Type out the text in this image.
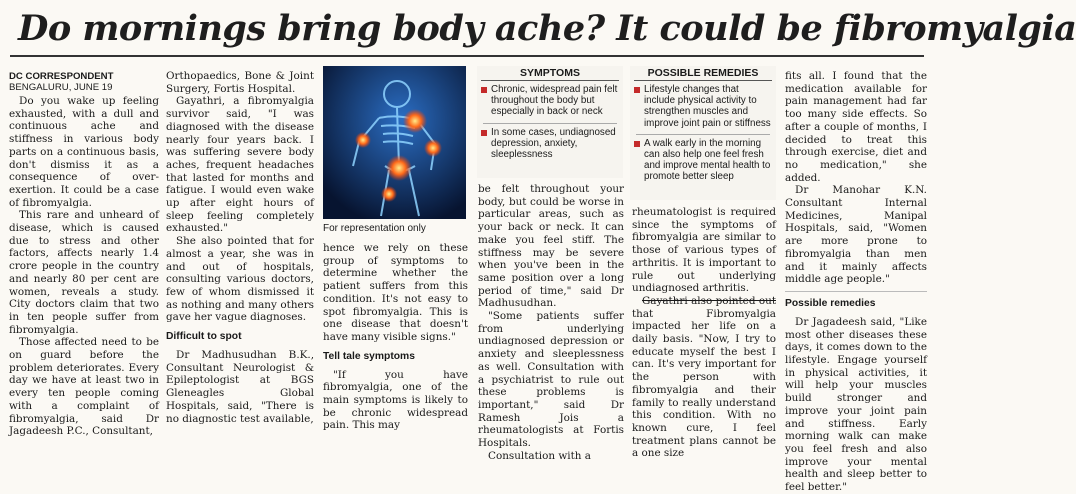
Do mornings bring body ache? It could be fibromyalgia
DC CORRESPONDENT
BENGALURU, JUNE 19

Do you wake up feeling exhausted, with a dull and continuous ache and stiffness in various body parts on a continuous basis, don't dismiss it as a consequence of over-exertion. It could be a case of fibromyalgia.

This rare and unheard of disease, which is caused due to stress and other factors, affects nearly 1.4 crore people in the country and nearly 80 per cent are women, reveals a study. City doctors claim that two in ten people suffer from fibromyalgia.

Those affected need to be on guard before the problem deteriorates. Every day we have at least two in every ten people coming with a complaint of fibromyalgia, said Dr Jagadeesh P.C., Consultant,

Orthopaedics, Bone & Joint Surgery, Fortis Hospital.

Gayathri, a fibromyalgia survivor said, "I was diagnosed with the disease nearly four years back. I was suffering severe body aches, frequent headaches that lasted for months and fatigue. I would even wake up after eight hours of sleep feeling completely exhausted."

She also pointed that for almost a year, she was in and out of hospitals, consulting various doctors, few of whom dismissed it as nothing and many others gave her vague diagnoses.

Difficult to spot

Dr Madhusudhan B.K., Consultant Neurologist & Epileptologist at BGS Gleneagles Global Hospitals, said, "There is no diagnostic test available,

For representation only

hence we rely on these group of symptoms to determine whether the patient suffers from this condition. It's not easy to spot fibromyalgia. This is one disease that doesn't have many visible signs."

Tell tale symptoms

"If you have fibromyalgia, one of the main symptoms is likely to be chronic widespread pain. This may

SYMPTOMS
Chronic, widespread pain felt throughout the body but especially in back or neck
In some cases, undiagnosed depression, anxiety, sleeplessness

be felt throughout your body, but could be worse in particular areas, such as your back or neck. It can make you feel stiff. The stiffness may be severe when you've been in the same position over a long period of time," said Dr Madhusudhan.

"Some patients suffer from underlying undiagnosed depression or anxiety and sleeplessness as well. Consultation with a psychiatrist to rule out these problems is important," said Dr Ramesh Jois a rheumatologists at Fortis Hospitals.

Consultation with a

POSSIBLE REMEDIES
Lifestyle changes that include physical activity to strengthen muscles and improve joint pain or stiffness
A walk early in the morning can also help one feel fresh and improve mental health to promote better sleep

rheumatologist is required since the symptoms of fibromyalgia are similar to those of various types of arthritis. It is important to rule out underlying undiagnosed arthritis.

Gayathri also pointed out that Fibromyalgia impacted her life on a daily basis. "Now, I try to educate myself the best I can. It's very important for the person with fibromyalgia and their family to really understand this condition. With no known cure, I feel treatment plans cannot be a one size

fits all. I found that the medication available for pain management had far too many side effects. So after a couple of months, I decided to treat this through exercise, diet and no medication," she added.

Dr Manohar K.N. Consultant Internal Medicines, Manipal Hospitals, said, "Women are more prone to fibromyalgia than men and it mainly affects middle age people."

Possible remedies

Dr Jagadeesh said, "Like most other diseases these days, it comes down to the lifestyle. Engage yourself in physical activities, it will help your muscles build stronger and improve your joint pain and stiffness. Early morning walk can make you feel fresh and also improve your mental health and sleep better to feel better."
